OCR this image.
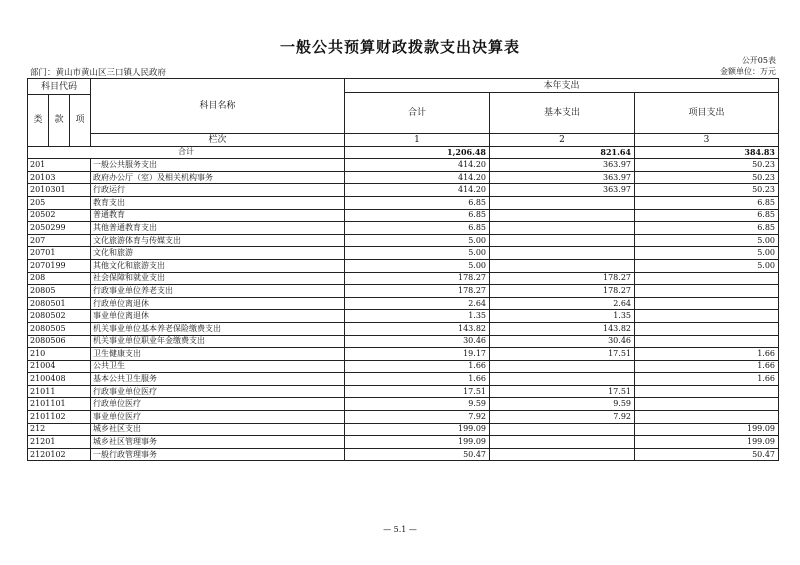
一般公共预算财政拨款支出决算表
公开05表
部门：黄山市黄山区三口镇人民政府	金额单位：万元
科目代码			科目名称	本年支出			
				合计	基本支出	项目支出	

类	款	项					
			栏次	1	2	3	
合计				1,206.48	821.64	384.83	
201			一般公共服务支出	414.20	363.97	50.23	
20103			政府办公厅（室）及相关机构事务	414.20	363.97	50.23	
2010301			行政运行	414.20	363.97	50.23	
205			教育支出	6.85		6.85	
20502			普通教育	6.85		6.85	
2050299			其他普通教育支出	6.85		6.85	
207			文化旅游体育与传媒支出	5.00		5.00	
20701			文化和旅游	5.00		5.00	
2070199			其他文化和旅游支出	5.00		5.00	
208			社会保障和就业支出	178.27	178.27		
20805			行政事业单位养老支出	178.27	178.27		
2080501			行政单位离退休	2.64	2.64		
2080502			事业单位离退休	1.35	1.35		
2080505			机关事业单位基本养老保险缴费支出	143.82	143.82		
2080506			机关事业单位职业年金缴费支出	30.46	30.46		
210			卫生健康支出	19.17	17.51	1.66	
21004			公共卫生	1.66		1.66	
2100408			基本公共卫生服务	1.66		1.66	
21011			行政事业单位医疗	17.51	17.51		
2101101			行政单位医疗	9.59	9.59		
2101102			事业单位医疗	7.92	7.92		
212			城乡社区支出	199.09		199.09	
21201			城乡社区管理事务	199.09		199.09	
2120102			一般行政管理事务	50.47		50.47	
— 5.1 —
